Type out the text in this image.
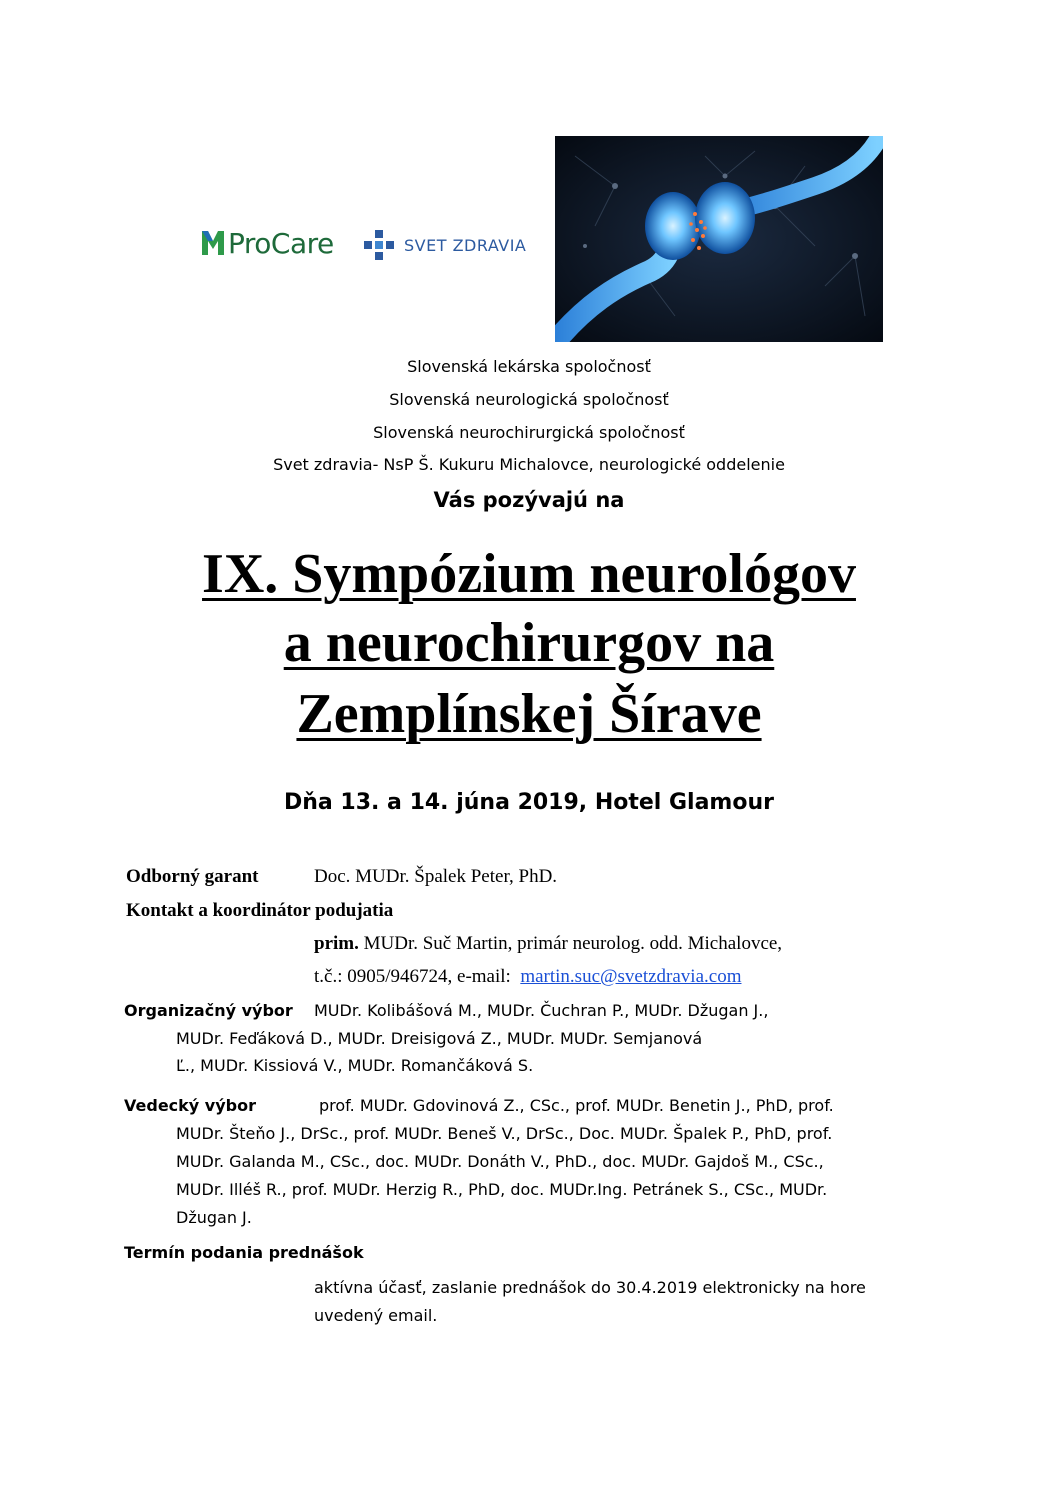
ProCare	SVET ZDRAVIA
Slovenská lekárska spoločnosť
Slovenská neurologická spoločnosť
Slovenská neurochirurgická spoločnosť
Svet zdravia- NsP Š. Kukuru Michalovce, neurologické oddelenie
Vás pozývajú na
IX. Sympózium neurológov
a neurochirurgov na
Zemplínskej Šírave
Dňa 13. a 14. júna 2019, Hotel Glamour
Odborný garant	Doc. MUDr. Špalek Peter, PhD.
Kontakt a koordinátor podujatia
prim. MUDr. Suč Martin, primár neurolog. odd. Michalovce,
t.č.: 0905/946724, e-mail: martin.suc@svetzdravia.com
Organizačný výbor MUDr. Kolibášová M., MUDr. Čuchran P., MUDr. Džugan J.,
MUDr. Feďáková D., MUDr. Dreisigová Z., MUDr. MUDr. Semjanová
Ľ., MUDr. Kissiová V., MUDr. Romančáková S.
Vedecký výbor	prof. MUDr. Gdovinová Z., CSc., prof. MUDr. Benetin J., PhD, prof.
MUDr. Šteňo J., DrSc., prof. MUDr. Beneš V., DrSc., Doc. MUDr. Špalek P., PhD, prof.
MUDr. Galanda M., CSc., doc. MUDr. Donáth V., PhD., doc. MUDr. Gajdoš M., CSc.,
MUDr. Illéš R., prof. MUDr. Herzig R., PhD, doc. MUDr.Ing. Petránek S., CSc., MUDr.
Džugan J.
Termín podania prednášok
aktívna účasť, zaslanie prednášok do 30.4.2019 elektronicky na hore
uvedený email.
